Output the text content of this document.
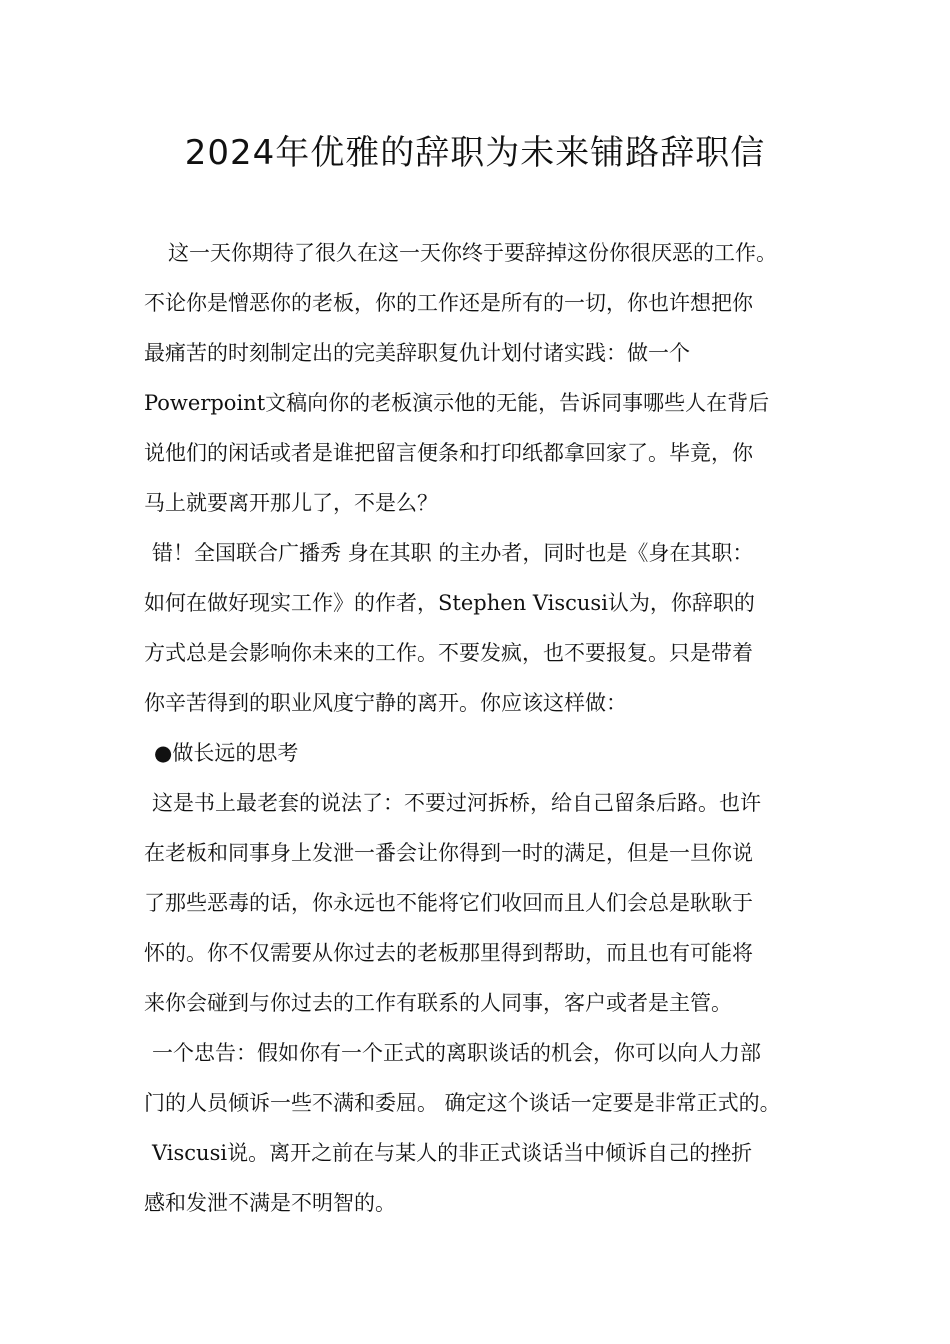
2024年优雅的辞职为未来铺路辞职信
这一天你期待了很久在这一天你终于要辞掉这份你很厌恶的工作。
不论你是憎恶你的老板，你的工作还是所有的一切，你也许想把你
最痛苦的时刻制定出的完美辞职复仇计划付诸实践：做一个
Powerpoint文稿向你的老板演示他的无能，告诉同事哪些人在背后
说他们的闲话或者是谁把留言便条和打印纸都拿回家了。毕竟，你
马上就要离开那儿了，不是么？
错！全国联合广播秀 身在其职 的主办者，同时也是《身在其职：
如何在做好现实工作》的作者，Stephen Viscusi认为，你辞职的
方式总是会影响你未来的工作。不要发疯，也不要报复。只是带着
你辛苦得到的职业风度宁静的离开。你应该这样做：
●做长远的思考
这是书上最老套的说法了：不要过河拆桥，给自己留条后路。也许
在老板和同事身上发泄一番会让你得到一时的满足，但是一旦你说
了那些恶毒的话，你永远也不能将它们收回而且人们会总是耿耿于
怀的。你不仅需要从你过去的老板那里得到帮助，而且也有可能将
来你会碰到与你过去的工作有联系的人同事，客户或者是主管。
一个忠告：假如你有一个正式的离职谈话的机会，你可以向人力部
门的人员倾诉一些不满和委屈。 确定这个谈话一定要是非常正式的。
Viscusi说。离开之前在与某人的非正式谈话当中倾诉自己的挫折
感和发泄不满是不明智的。
